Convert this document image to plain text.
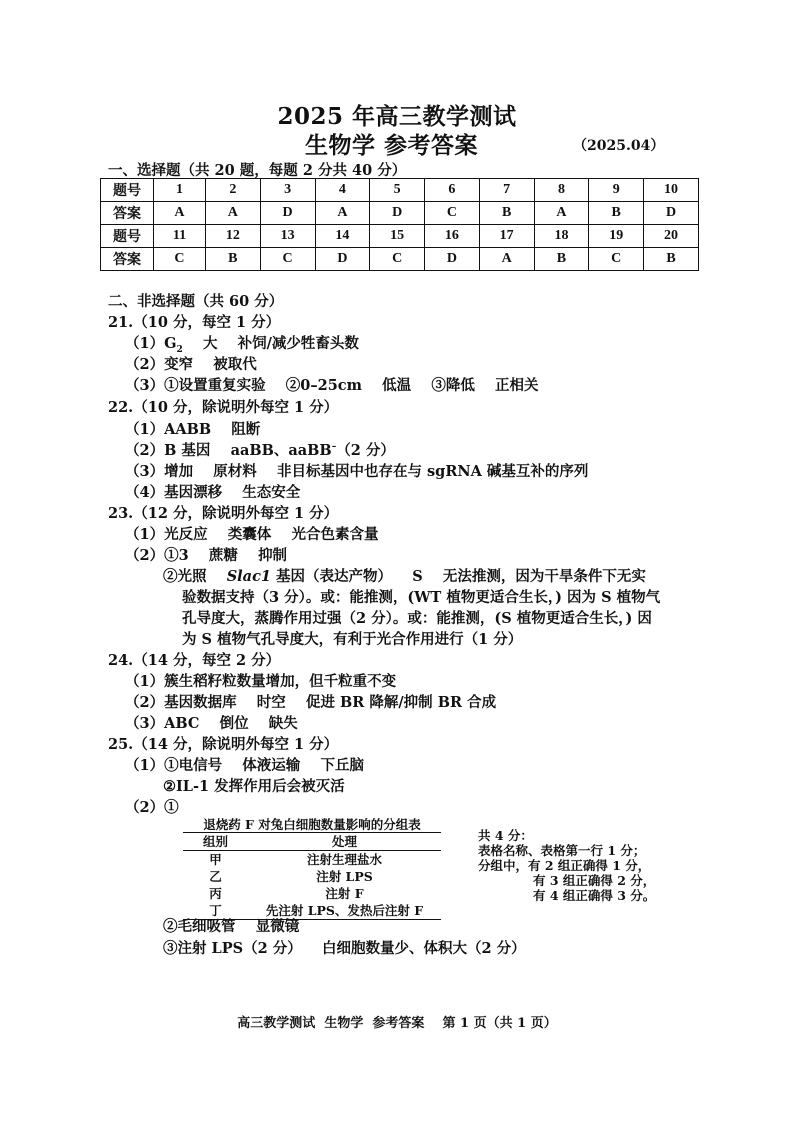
2025 年高三教学测试
生物学 参考答案	（2025.04）
一、选择题（共 20 题，每题 2 分共 40 分）
题号	1	2	3	4	5	6	7	8	9	10
答案	A	A	D	A	D	C	B	A	B	D
题号	11	12	13	14	15	16	17	18	19	20
答案	C	B	C	D	C	D	A	B	C	B
二、非选择题（共 60 分）
21.（10 分，每空 1 分）
$(1)G_2$    大    补饲/减少牲畜头数
（2）变窄    被取代
（3）①设置重复实验    ②0–25cm    低温    ③降低    正相关
22.（10 分，除说明外每空 1 分）
（1）AABB    阻断
（2）B 基因    aaBB、aaBB–（2 分）
（3）增加    原材料    非目标基因中也存在与 sgRNA 碱基互补的序列
（4）基因漂移    生态安全
23.（12 分，除说明外每空 1 分）
（1）光反应    类囊体    光合色素含量
（2）①3    蔗糖    抑制
②光照    Slac1 基因（表达产物）    S    无法推测，因为干旱条件下无实
验数据支持（3 分）。或：能推测，(WT 植物更适合生长，) 因为 S 植物气
孔导度大，蒸腾作用过强（2 分）。或：能推测，(S 植物更适合生长，) 因
为 S 植物气孔导度大，有利于光合作用进行（1 分）
24.（14 分，每空 2 分）
（1）簇生稻籽粒数量增加，但千粒重不变
（2）基因数据库    时空    促进 BR 降解/抑制 BR 合成
（3）ABC    倒位    缺失
25.（14 分，除说明外每空 1 分）
（1）①电信号    体液运输    下丘脑
②IL-1 发挥作用后会被灭活
（2）①
退烧药 F 对兔白细胞数量影响的分组表
组别	处理
甲	注射生理盐水
乙	注射 LPS
丙	注射 F
丁	先注射 LPS、发热后注射 F
共 4 分：
表格名称、表格第一行 1 分；
分组中，有 2 组正确得 1 分，
有 3 组正确得 2 分，
有 4 组正确得 3 分。
②毛细吸管    显微镜
③注射 LPS（2 分）    白细胞数量少、体积大（2 分）
高三教学测试  生物学  参考答案    第 1 页（共 1 页）
